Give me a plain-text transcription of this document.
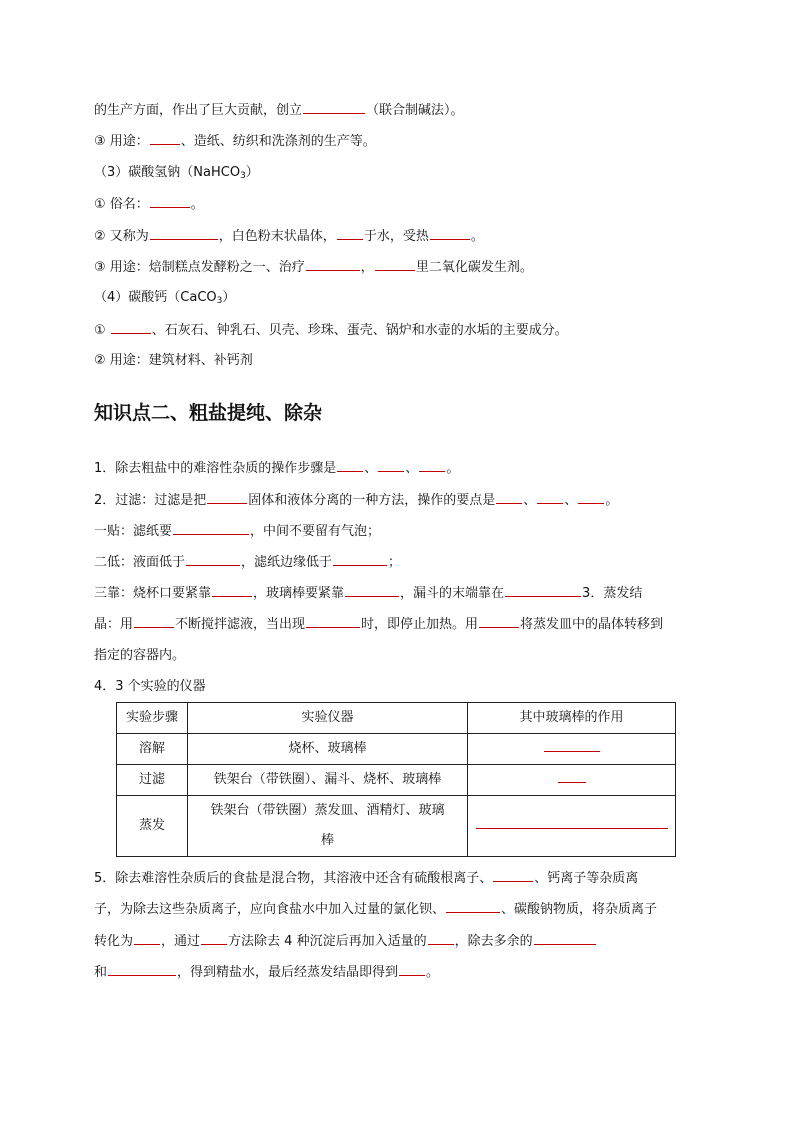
的生产方面，作出了巨大贡献，创立	（联合制碱法）。
③ 用途： 、造纸、纺织和洗涤剂的生产等。
（3）碳酸氢钠（NaHCO$_3$）
① 俗名：	。
② 又称为	，白色粉末状晶体， 于水，受热	。
③ 用途：焙制糕点发酵粉之一、治疗	，	里二氧化碳发生剂。
（4）碳酸钙（CaCO$_3$）
①	、石灰石、钟乳石、贝壳、珍珠、蛋壳、锅炉和水壶的水垢的主要成分。
② 用途：建筑材料、补钙剂
知识点二、粗盐提纯、除杂
1．除去粗盐中的难溶性杂质的操作步骤是 、 、 。
2．过滤：过滤是把	固体和液体分离的一种方法，操作的要点是 、 、 。
一贴：滤纸要	，中间不要留有气泡；
二低：液面低于	，滤纸边缘低于	；
三靠：烧杯口要紧靠	，玻璃棒要紧靠	，漏斗的末端靠在	3．蒸发结
晶：用	不断搅拌滤液，当出现	时，即停止加热。用	将蒸发皿中的晶体转移到
指定的容器内。
4．3 个实验的仪器
实验步骤	实验仪器	其中玻璃棒的作用
溶解	烧杯、玻璃棒	
过滤	铁架台（带铁圈）、漏斗、烧杯、玻璃棒	
蒸发	铁架台（带铁圈）蒸发皿、酒精灯、玻璃
棒	
5．除去难溶性杂质后的食盐是混合物，其溶液中还含有硫酸根离子、	、钙离子等杂质离
子，为除去这些杂质离子，应向食盐水中加入过量的氯化钡、	、碳酸钠物质，将杂质离子
转化为 ，通过 方法除去 4 种沉淀后再加入适量的 ，除去多余的
和	，得到精盐水，最后经蒸发结晶即得到 。
